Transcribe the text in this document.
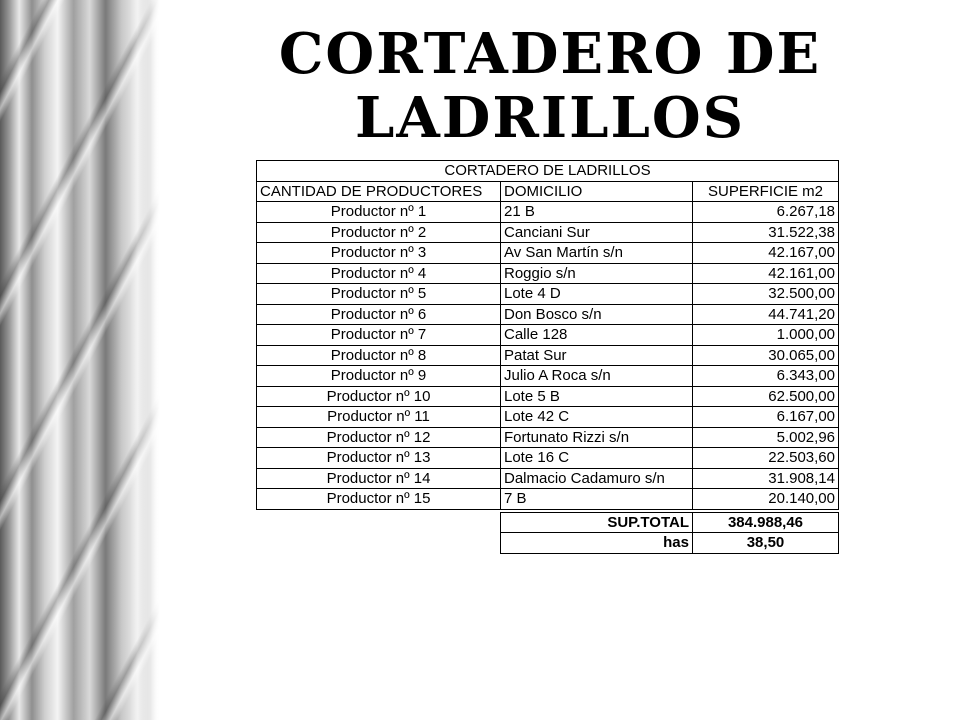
CORTADERO DE
LADRILLOS
CORTADERO DE LADRILLOS		
CANTIDAD DE PRODUCTORES	DOMICILIO	SUPERFICIE m2
Productor nº 1	21 B	6.267,18
Productor nº 2	Canciani Sur	31.522,38
Productor nº 3	Av San Martín s/n	42.167,00
Productor nº 4	Roggio s/n	42.161,00
Productor nº 5	Lote 4 D	32.500,00
Productor nº 6	Don Bosco s/n	44.741,20
Productor nº 7	Calle 128	1.000,00
Productor nº 8	Patat Sur	30.065,00
Productor nº 9	Julio A Roca s/n	6.343,00
Productor nº 10	Lote 5 B	62.500,00
Productor nº 11	Lote 42 C	6.167,00
Productor nº 12	Fortunato Rizzi s/n	5.002,96
Productor nº 13	Lote 16 C	22.503,60
Productor nº 14	Dalmacio Cadamuro s/n	31.908,14
Productor nº 15	7 B	20.140,00

	SUP.TOTAL	384.988,46
	has	38,50
